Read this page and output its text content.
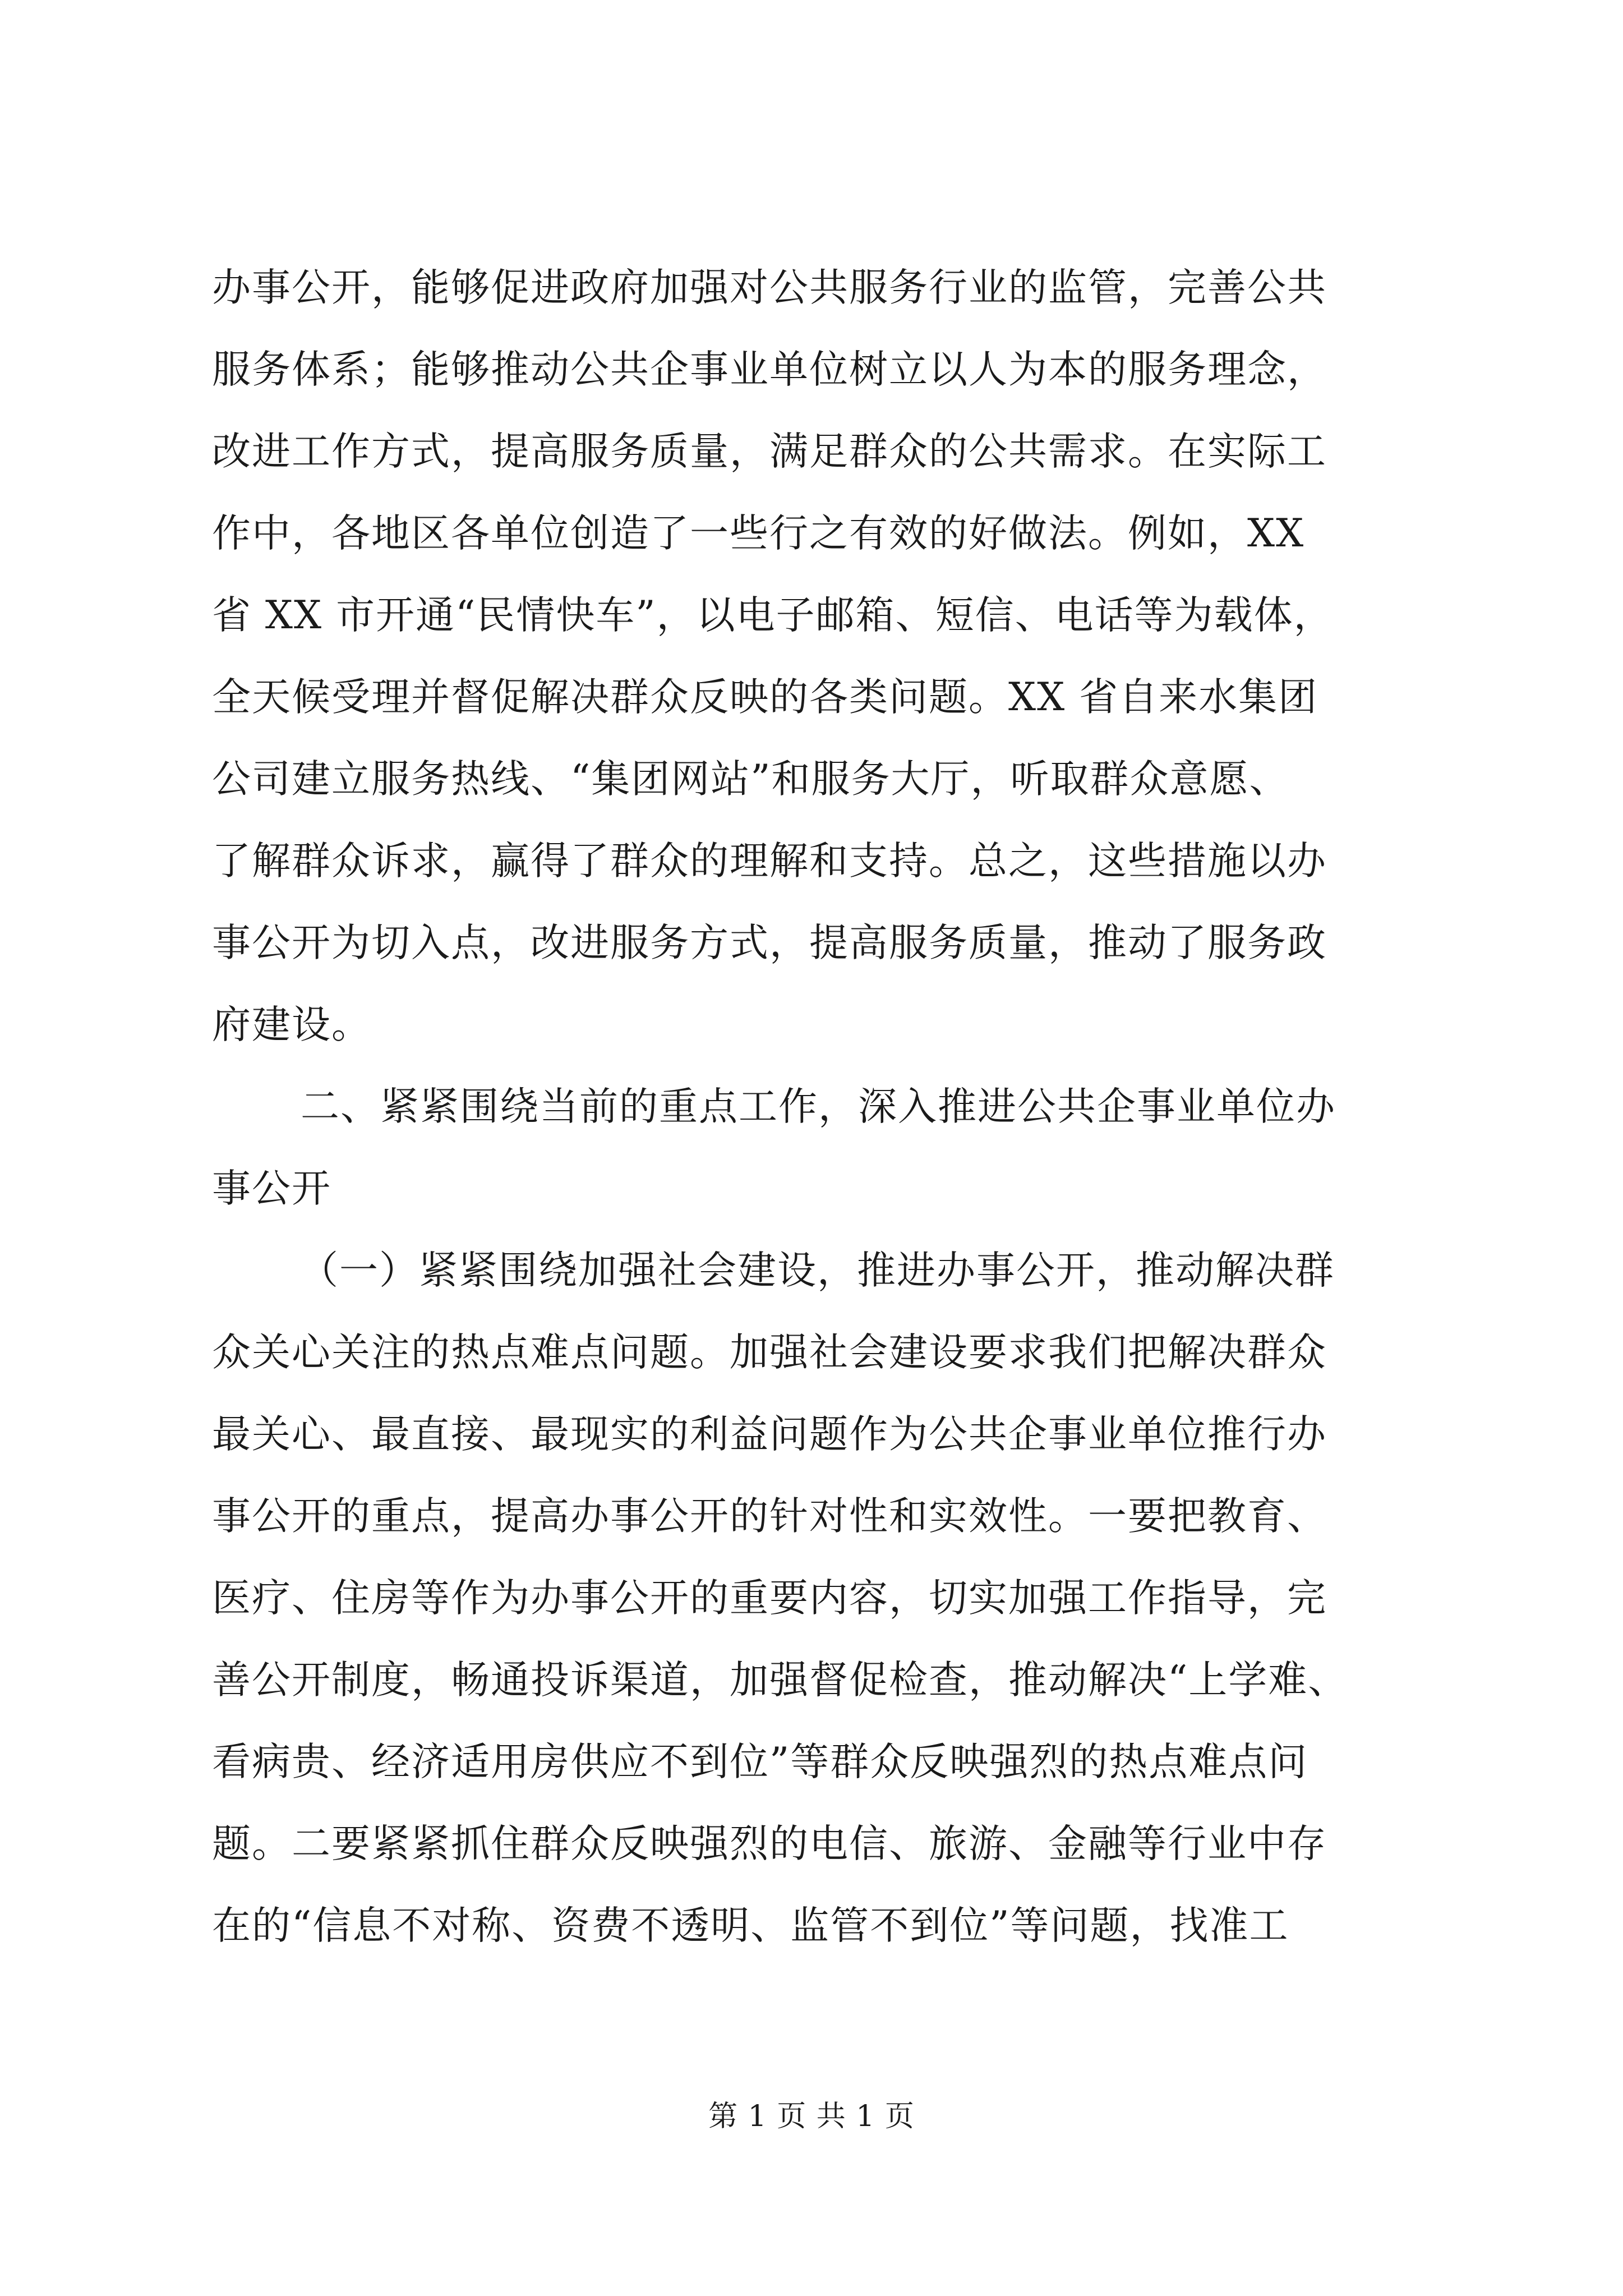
办事公开，能够促进政府加强对公共服务行业的监管，完善公共
服务体系；能够推动公共企事业单位树立以人为本的服务理念，
改进工作方式，提高服务质量，满足群众的公共需求。在实际工
作中，各地区各单位创造了一些行之有效的好做法。例如，XX
省 XX 市开通“民情快车”，以电子邮箱、短信、电话等为载体，
全天候受理并督促解决群众反映的各类问题。XX 省自来水集团
公司建立服务热线、“集团网站”和服务大厅，听取群众意愿、
了解群众诉求，赢得了群众的理解和支持。总之，这些措施以办
事公开为切入点，改进服务方式，提高服务质量，推动了服务政
府建设。
二、紧紧围绕当前的重点工作，深入推进公共企事业单位办
事公开
（一）紧紧围绕加强社会建设，推进办事公开，推动解决群
众关心关注的热点难点问题。加强社会建设要求我们把解决群众
最关心、最直接、最现实的利益问题作为公共企事业单位推行办
事公开的重点，提高办事公开的针对性和实效性。一要把教育、
医疗、住房等作为办事公开的重要内容，切实加强工作指导，完
善公开制度，畅通投诉渠道，加强督促检查，推动解决“上学难、
看病贵、经济适用房供应不到位”等群众反映强烈的热点难点问
题。二要紧紧抓住群众反映强烈的电信、旅游、金融等行业中存
在的“信息不对称、资费不透明、监管不到位”等问题，找准工
第 1 页 共 1 页
